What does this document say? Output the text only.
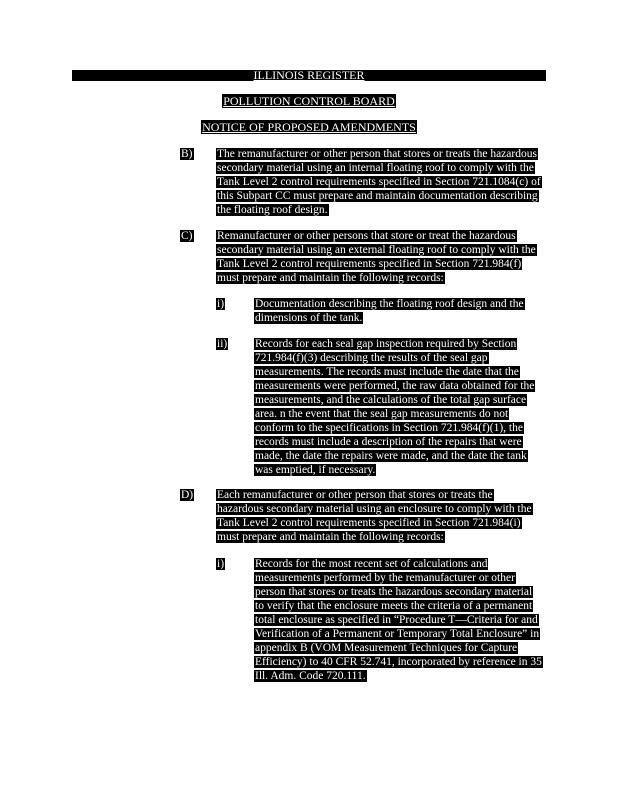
ILLINOIS REGISTER
POLLUTION CONTROL BOARD
NOTICE OF PROPOSED AMENDMENTS
B) The remanufacturer or other person that stores or treats the hazardous secondary material using an internal floating roof to comply with the Tank Level 2 control requirements specified in Section 721.1084(c) of this Subpart CC must prepare and maintain documentation describing the floating roof design.
C) Remanufacturer or other persons that store or treat the hazardous secondary material using an external floating roof to comply with the Tank Level 2 control requirements specified in Section 721.984(f) must prepare and maintain the following records:
i)	Documentation describing the floating roof design and the dimensions of the tank.
ii) Records for each seal gap inspection required by Section 721.984(f)(3) describing the results of the seal gap measurements. The records must include the date that the measurements were performed, the raw data obtained for the measurements, and the calculations of the total gap surface area. n the event that the seal gap measurements do not conform to the specifications in Section 721.984(f)(1), the records must include a description of the repairs that were made, the date the repairs were made, and the date the tank was emptied, if necessary.
D) Each remanufacturer or other person that stores or treats the hazardous secondary material using an enclosure to comply with the Tank Level 2 control requirements specified in Section 721.984(i) must prepare and maintain the following records:
i)	Records for the most recent set of calculations and measurements performed by the remanufacturer or other person that stores or treats the hazardous secondary material to verify that the enclosure meets the criteria of a permanent total enclosure as specified in “Procedure T—Criteria for and Verification of a Permanent or Temporary Total Enclosure” in appendix B (VOM Measurement Techniques for Capture Efficiency) to 40 CFR 52.741, incorporated by reference in 35 Ill. Adm. Code 720.111.
